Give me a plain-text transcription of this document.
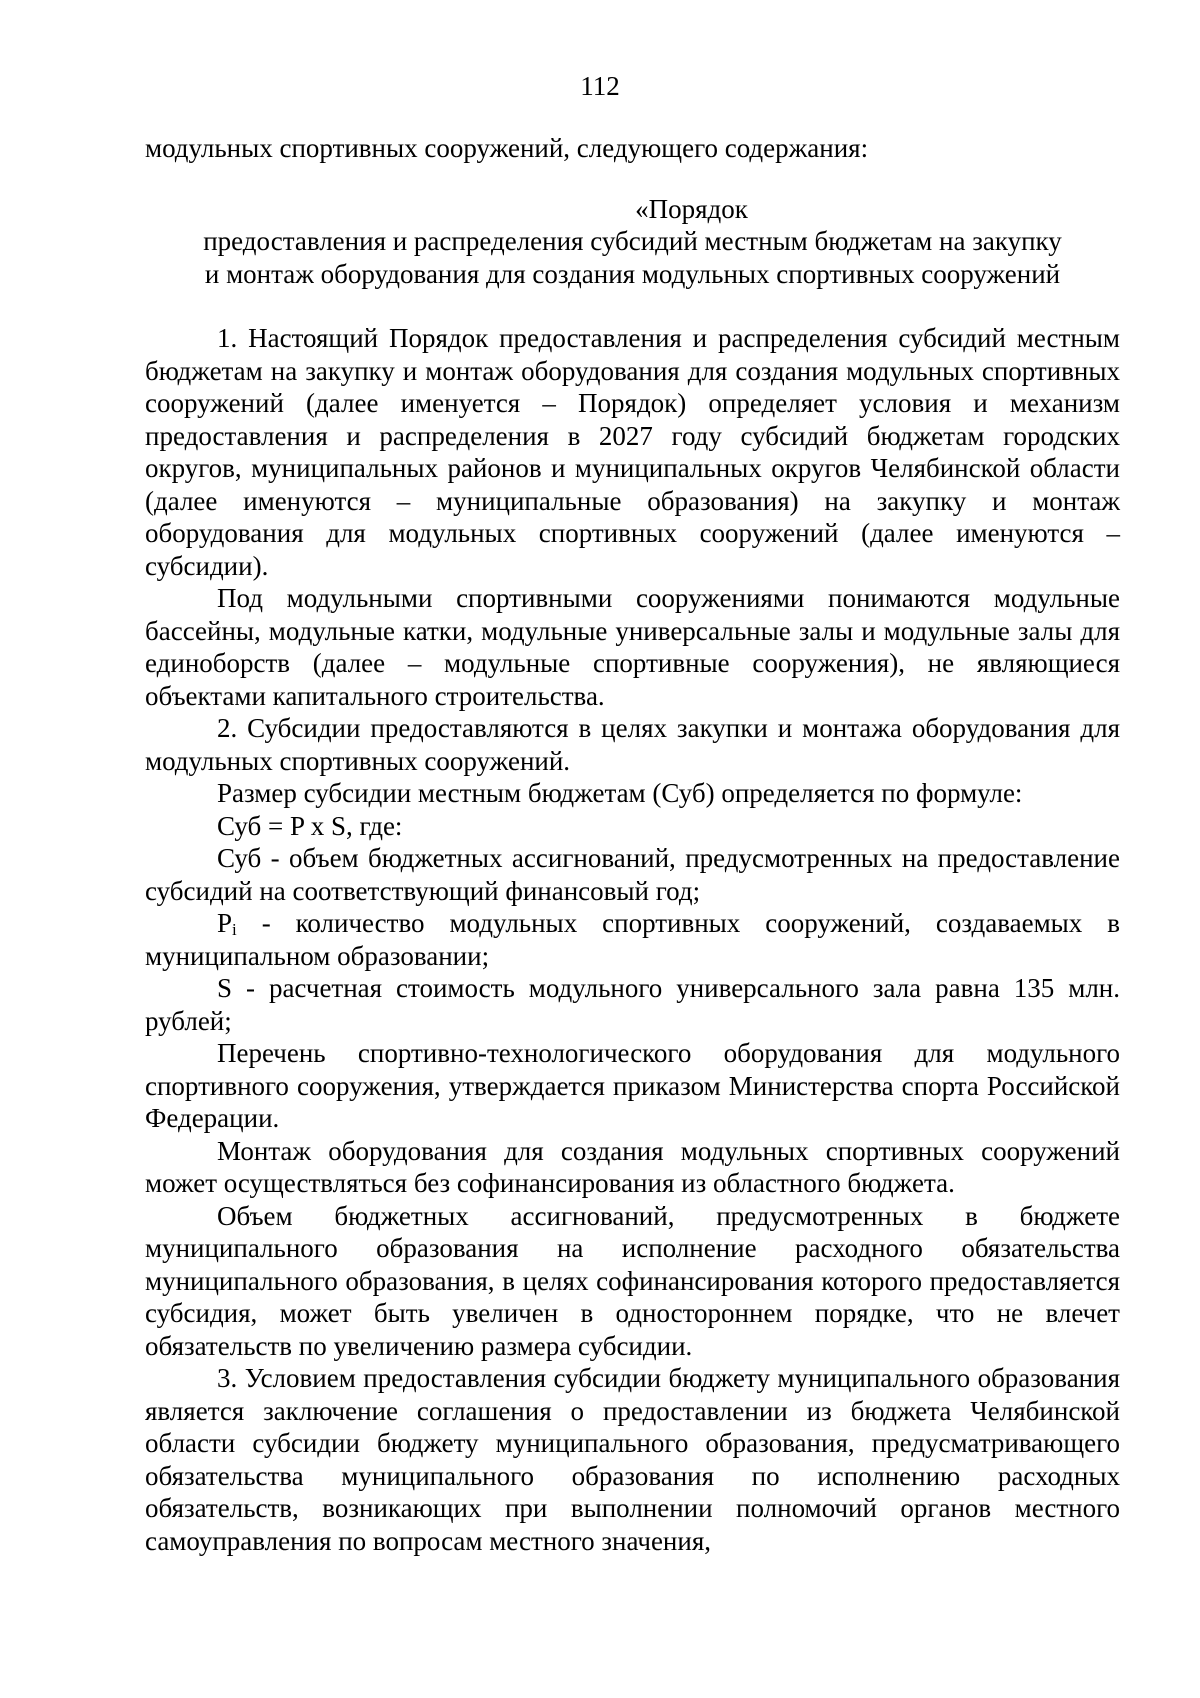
112

модульных спортивных сооружений, следующего содержания:

«Порядок
предоставления и распределения субсидий местным бюджетам на закупку
и монтаж оборудования для создания модульных спортивных сооружений

1. Настоящий Порядок предоставления и распределения субсидий местным бюджетам на закупку и монтаж оборудования для создания модульных спортивных сооружений (далее именуется – Порядок) определяет условия и механизм предоставления и распределения в 2027 году субсидий бюджетам городских округов, муниципальных районов и муниципальных округов Челябинской области (далее именуются – муниципальные образования) на закупку и монтаж оборудования для модульных спортивных сооружений (далее именуются – субсидии).

Под модульными спортивными сооружениями понимаются модульные бассейны, модульные катки, модульные универсальные залы и модульные залы для единоборств (далее – модульные спортивные сооружения), не являющиеся объектами капитального строительства.

2. Субсидии предоставляются в целях закупки и монтажа оборудования для модульных спортивных сооружений.

Размер субсидии местным бюджетам (Суб) определяется по формуле:

Суб = P x S, где:

Суб - объем бюджетных ассигнований, предусмотренных на предоставление субсидий на соответствующий финансовый год;

$P_i$ - количество модульных спортивных сооружений, создаваемых в муниципальном образовании;

S - расчетная стоимость модульного универсального зала равна 135 млн. рублей;

Перечень спортивно-технологического оборудования для модульного спортивного сооружения, утверждается приказом Министерства спорта Российской Федерации.

Монтаж оборудования для создания модульных спортивных сооружений может осуществляться без софинансирования из областного бюджета.

Объем бюджетных ассигнований, предусмотренных в бюджете муниципального образования на исполнение расходного обязательства муниципального образования, в целях софинансирования которого предоставляется субсидия, может быть увеличен в одностороннем порядке, что не влечет обязательств по увеличению размера субсидии.

3. Условием предоставления субсидии бюджету муниципального образования является заключение соглашения о предоставлении из бюджета Челябинской области субсидии бюджету муниципального образования, предусматривающего обязательства муниципального образования по исполнению расходных обязательств, возникающих при выполнении полномочий органов местного самоуправления по вопросам местного значения,
